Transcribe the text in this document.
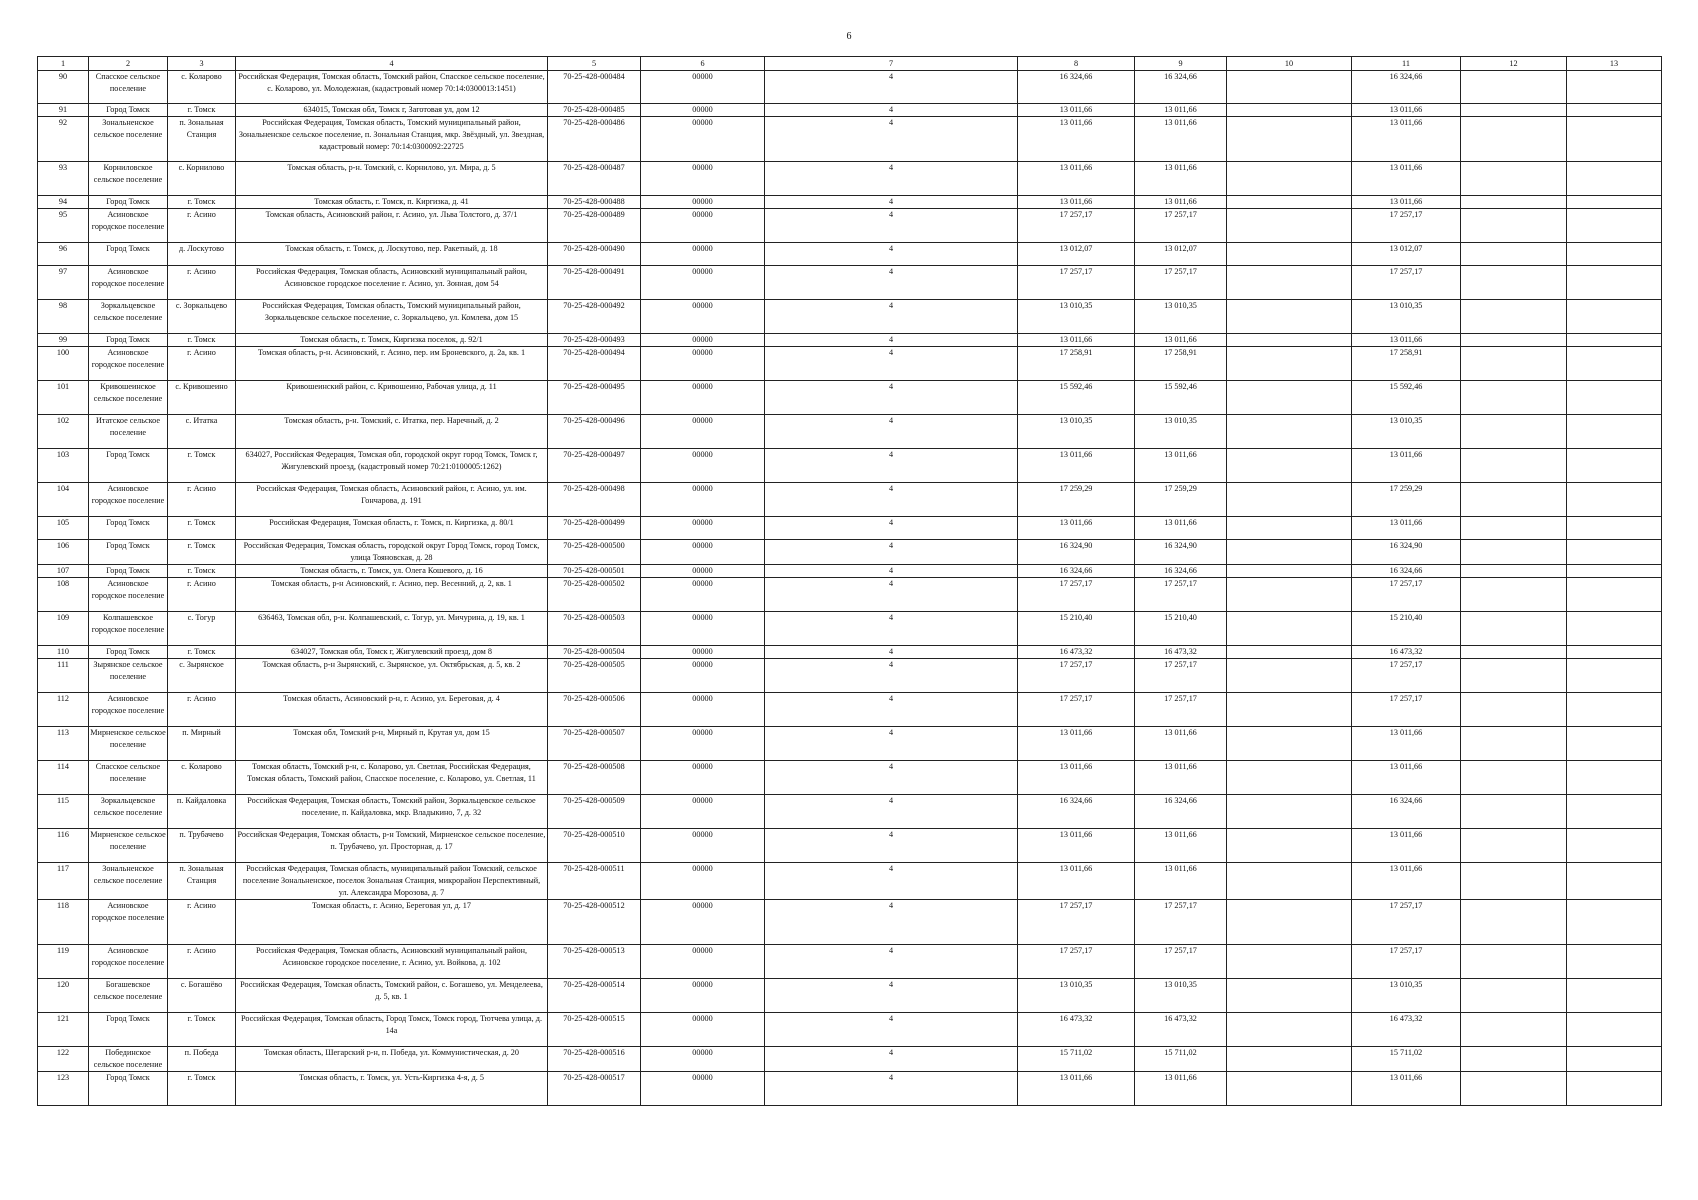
6
1	2	3	4	5	6	7	8	9	10	11	12	13
90	Спасское сельское поселение	с. Коларово	Российская Федерация, Томская область, Томский район, Спасское сельское поселение, с. Коларово, ул. Молодежная, (кадастровый номер 70:14:0300013:1451)	70-25-428-000484	00000	4	16 324,66	16 324,66		16 324,66		
91	Город Томск	г. Томск	634015, Томская обл, Томск г, Заготовая ул, дом 12	70-25-428-000485	00000	4	13 011,66	13 011,66		13 011,66		
92	Зональненское сельское поселение	п. Зональная Станция	Российская Федерация, Томская область, Томский муниципальный район, Зональненское сельское поселение, п. Зональная Станция, мкр. Звёздный, ул. Звездная, кадастровый номер: 70:14:0300092:22725	70-25-428-000486	00000	4	13 011,66	13 011,66		13 011,66		
93	Корниловское сельское поселение	с. Корнилово	Томская область, р-н. Томский, с. Корнилово, ул. Мира, д. 5	70-25-428-000487	00000	4	13 011,66	13 011,66		13 011,66		
94	Город Томск	г. Томск	Томская область, г. Томск, п. Киргизка, д. 41	70-25-428-000488	00000	4	13 011,66	13 011,66		13 011,66		
95	Асиновское городское поселение	г. Асино	Томская область, Асиновский район, г. Асино, ул. Льва Толстого, д. 37/1	70-25-428-000489	00000	4	17 257,17	17 257,17		17 257,17		
96	Город Томск	д. Лоскутово	Томская область, г. Томск, д. Лоскутово, пер. Ракетный, д. 18	70-25-428-000490	00000	4	13 012,07	13 012,07		13 012,07		
97	Асиновское городское поселение	г. Асино	Российская Федерация, Томская область, Асиновский муниципальный район, Асиновское городское поселение г. Асино, ул. Зонная, дом 54	70-25-428-000491	00000	4	17 257,17	17 257,17		17 257,17		
98	Зоркальцевское сельское поселение	с. Зоркальцево	Российская Федерация, Томская область, Томский муниципальный район, Зоркальцевское сельское поселение, с. Зоркальцево, ул. Комлева, дом 15	70-25-428-000492	00000	4	13 010,35	13 010,35		13 010,35		
99	Город Томск	г. Томск	Томская область, г. Томск, Киргизка поселок, д. 92/1	70-25-428-000493	00000	4	13 011,66	13 011,66		13 011,66		
100	Асиновское городское поселение	г. Асино	Томская область, р-н. Асиновский, г. Асино, пер. им Броневского, д. 2а, кв. 1	70-25-428-000494	00000	4	17 258,91	17 258,91		17 258,91		
101	Кривошеинское сельское поселение	с. Кривошеино	Кривошеинский район, с. Кривошеино, Рабочая улица, д. 11	70-25-428-000495	00000	4	15 592,46	15 592,46		15 592,46		
102	Итатское сельское поселение	с. Итатка	Томская область, р-н. Томский, с. Итатка, пер. Наречный, д. 2	70-25-428-000496	00000	4	13 010,35	13 010,35		13 010,35		
103	Город Томск	г. Томск	634027, Российская Федерация, Томская обл, городской округ город Томск, Томск г, Жигулевский проезд, (кадастровый номер 70:21:0100005:1262)	70-25-428-000497	00000	4	13 011,66	13 011,66		13 011,66		
104	Асиновское городское поселение	г. Асино	Российская Федерация, Томская область, Асиновский район, г. Асино, ул. им. Гончарова, д. 191	70-25-428-000498	00000	4	17 259,29	17 259,29		17 259,29		
105	Город Томск	г. Томск	Российская Федерация, Томская область, г. Томск, п. Киргизка, д. 80/1	70-25-428-000499	00000	4	13 011,66	13 011,66		13 011,66		
106	Город Томск	г. Томск	Российская Федерация, Томская область, городской округ Город Томск, город Томск, улица Тояновская, д. 28	70-25-428-000500	00000	4	16 324,90	16 324,90		16 324,90		
107	Город Томск	г. Томск	Томская область, г. Томск, ул. Олега Кошевого, д. 16	70-25-428-000501	00000	4	16 324,66	16 324,66		16 324,66		
108	Асиновское городское поселение	г. Асино	Томская область, р-н Асиновский, г. Асино, пер. Весенний, д. 2, кв. 1	70-25-428-000502	00000	4	17 257,17	17 257,17		17 257,17		
109	Колпашевское городское поселение	с. Тогур	636463, Томская обл, р-н. Колпашевский, с. Тогур, ул. Мичурина, д. 19, кв. 1	70-25-428-000503	00000	4	15 210,40	15 210,40		15 210,40		
110	Город Томск	г. Томск	634027, Томская обл, Томск г, Жигулевский проезд, дом 8	70-25-428-000504	00000	4	16 473,32	16 473,32		16 473,32		
111	Зырянское сельское поселение	с. Зырянское	Томская область, р-н Зырянский, с. Зырянское, ул. Октябрьская, д. 5, кв. 2	70-25-428-000505	00000	4	17 257,17	17 257,17		17 257,17		
112	Асиновское городское поселение	г. Асино	Томская область, Асиновский р-н, г. Асино, ул. Береговая, д. 4	70-25-428-000506	00000	4	17 257,17	17 257,17		17 257,17		
113	Мирненское сельское поселение	п. Мирный	Томская обл, Томский р-н, Мирный п, Крутая ул, дом 15	70-25-428-000507	00000	4	13 011,66	13 011,66		13 011,66		
114	Спасское сельское поселение	с. Коларово	Томская область, Томский р-н, с. Коларово, ул. Светлая, Российская Федерация, Томская область, Томский район, Спасское поселение, с. Коларово, ул. Светлая, 11	70-25-428-000508	00000	4	13 011,66	13 011,66		13 011,66		
115	Зоркальцевское сельское поселение	п. Кайдаловка	Российская Федерация, Томская область, Томский район, Зоркальцевское сельское поселение, п. Кайдаловка, мкр. Владыкино, 7, д. 32	70-25-428-000509	00000	4	16 324,66	16 324,66		16 324,66		
116	Мирненское сельское поселение	п. Трубачево	Российская Федерация, Томская область, р-н Томский, Мирненское сельское поселение, п. Трубачево, ул. Просторная, д. 17	70-25-428-000510	00000	4	13 011,66	13 011,66		13 011,66		
117	Зональненское сельское поселение	п. Зональная Станция	Российская Федерация, Томская область, муниципальный район Томский, сельское поселение Зональненское, поселок Зональная Станция, микрорайон Перспективный, ул. Александра Морозова, д. 7	70-25-428-000511	00000	4	13 011,66	13 011,66		13 011,66		
118	Асиновское городское поселение	г. Асино	Томская область, г. Асино, Береговая ул, д. 17	70-25-428-000512	00000	4	17 257,17	17 257,17		17 257,17		
119	Асиновское городское поселение	г. Асино	Российская Федерация, Томская область, Асиновский муниципальный район, Асиновское городское поселение, г. Асино, ул. Войкова, д. 102	70-25-428-000513	00000	4	17 257,17	17 257,17		17 257,17		
120	Богашевское сельское поселение	с. Богашёво	Российская Федерация, Томская область, Томский район, с. Богашево, ул. Менделеева, д. 5, кв. 1	70-25-428-000514	00000	4	13 010,35	13 010,35		13 010,35		
121	Город Томск	г. Томск	Российская Федерация, Томская область, Город Томск, Томск город, Тютчева улица, д. 14а	70-25-428-000515	00000	4	16 473,32	16 473,32		16 473,32		
122	Побединское сельское поселение	п. Победа	Томская область, Шегарский р-н, п. Победа, ул. Коммунистическая, д. 20	70-25-428-000516	00000	4	15 711,02	15 711,02		15 711,02		
123	Город Томск	г. Томск	Томская область, г. Томск, ул. Усть-Киргизка 4-я, д. 5	70-25-428-000517	00000	4	13 011,66	13 011,66		13 011,66		
